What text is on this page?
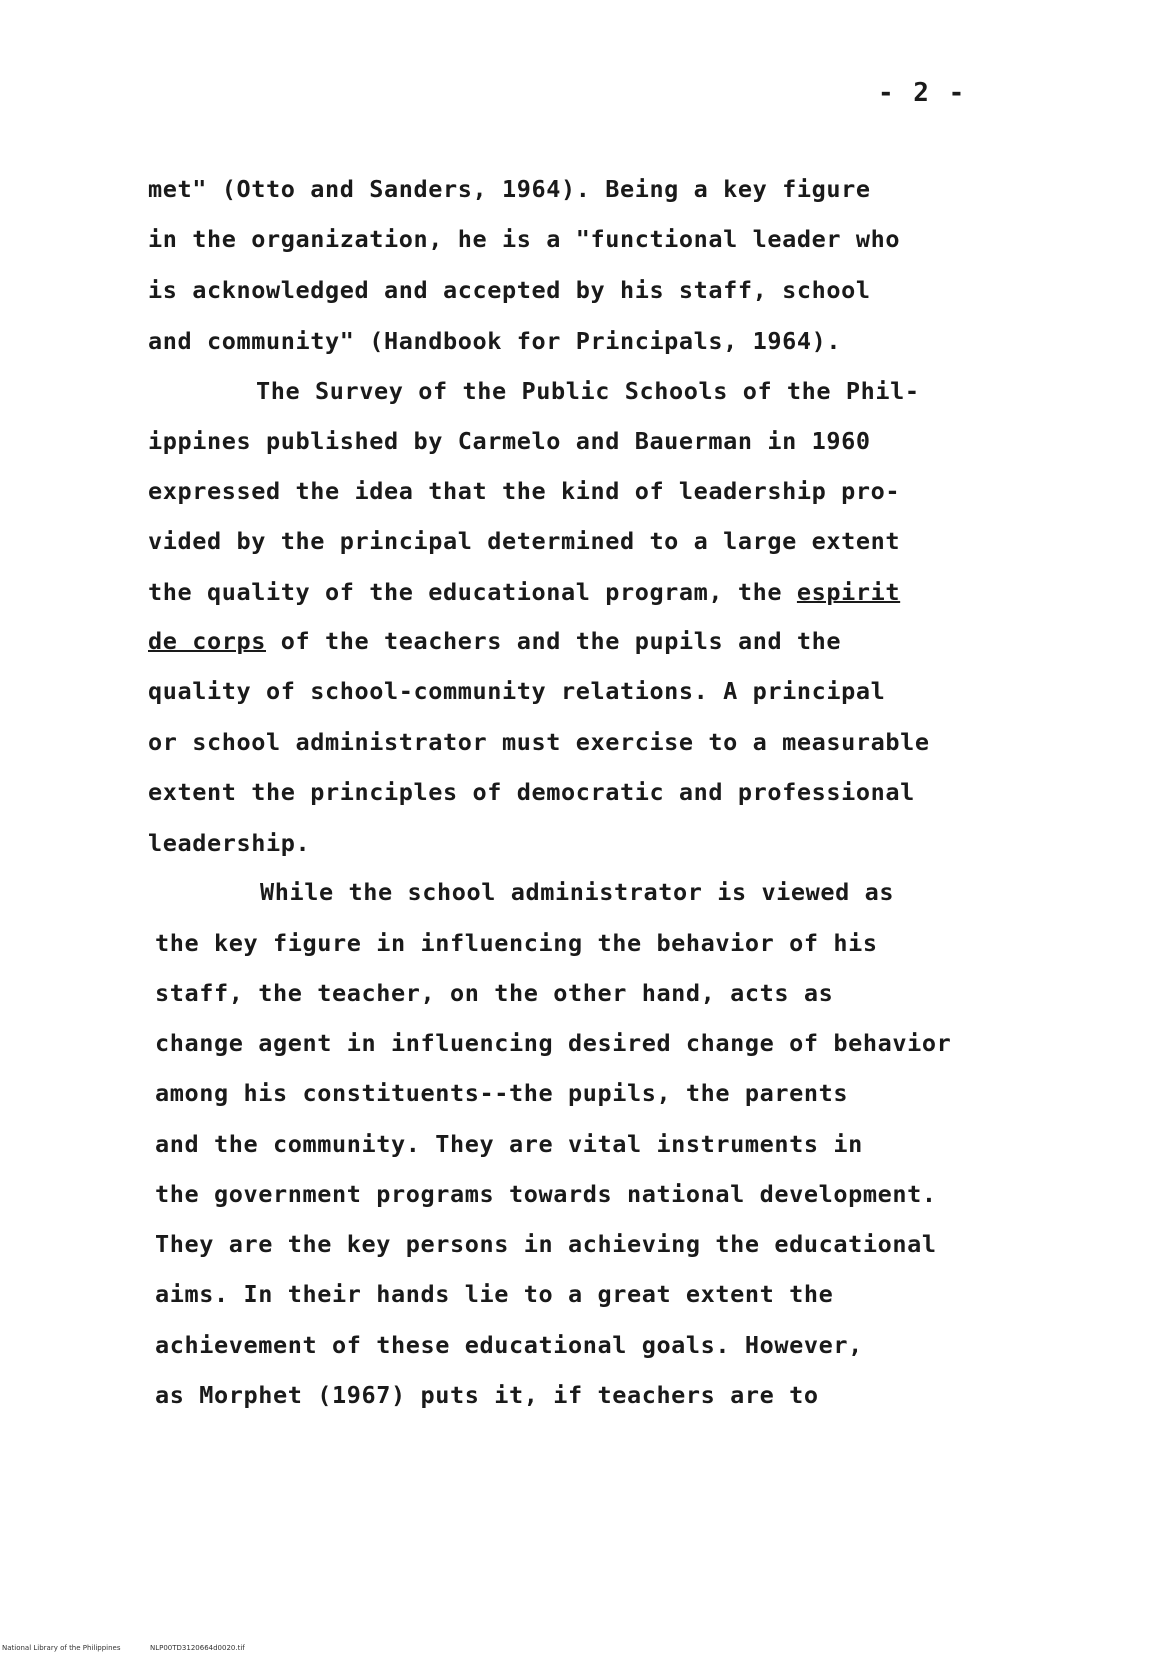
- 2 -
met" (Otto and Sanders, 1964). Being a key figure
in the organization, he is a "functional leader who
is acknowledged and accepted by his staff, school
and community" (Handbook for Principals, 1964).
The Survey of the Public Schools of the Phil-
ippines published by Carmelo and Bauerman in 1960
expressed the idea that the kind of leadership pro-
vided by the principal determined to a large extent
the quality of the educational program, the espirit
de corps of the teachers and the pupils and the
quality of school-community relations. A principal
or school administrator must exercise to a measurable
extent the principles of democratic and professional
leadership.
While the school administrator is viewed as
the key figure in influencing the behavior of his
staff, the teacher, on the other hand, acts as
change agent in influencing desired change of behavior
among his constituents--the pupils, the parents
and the community. They are vital instruments in
the government programs towards national development.
They are the key persons in achieving the educational
aims. In their hands lie to a great extent the
achievement of these educational goals. However,
as Morphet (1967) puts it, if teachers are to
National Library of the Philippines	NLP00TD3120664d0020.tif
